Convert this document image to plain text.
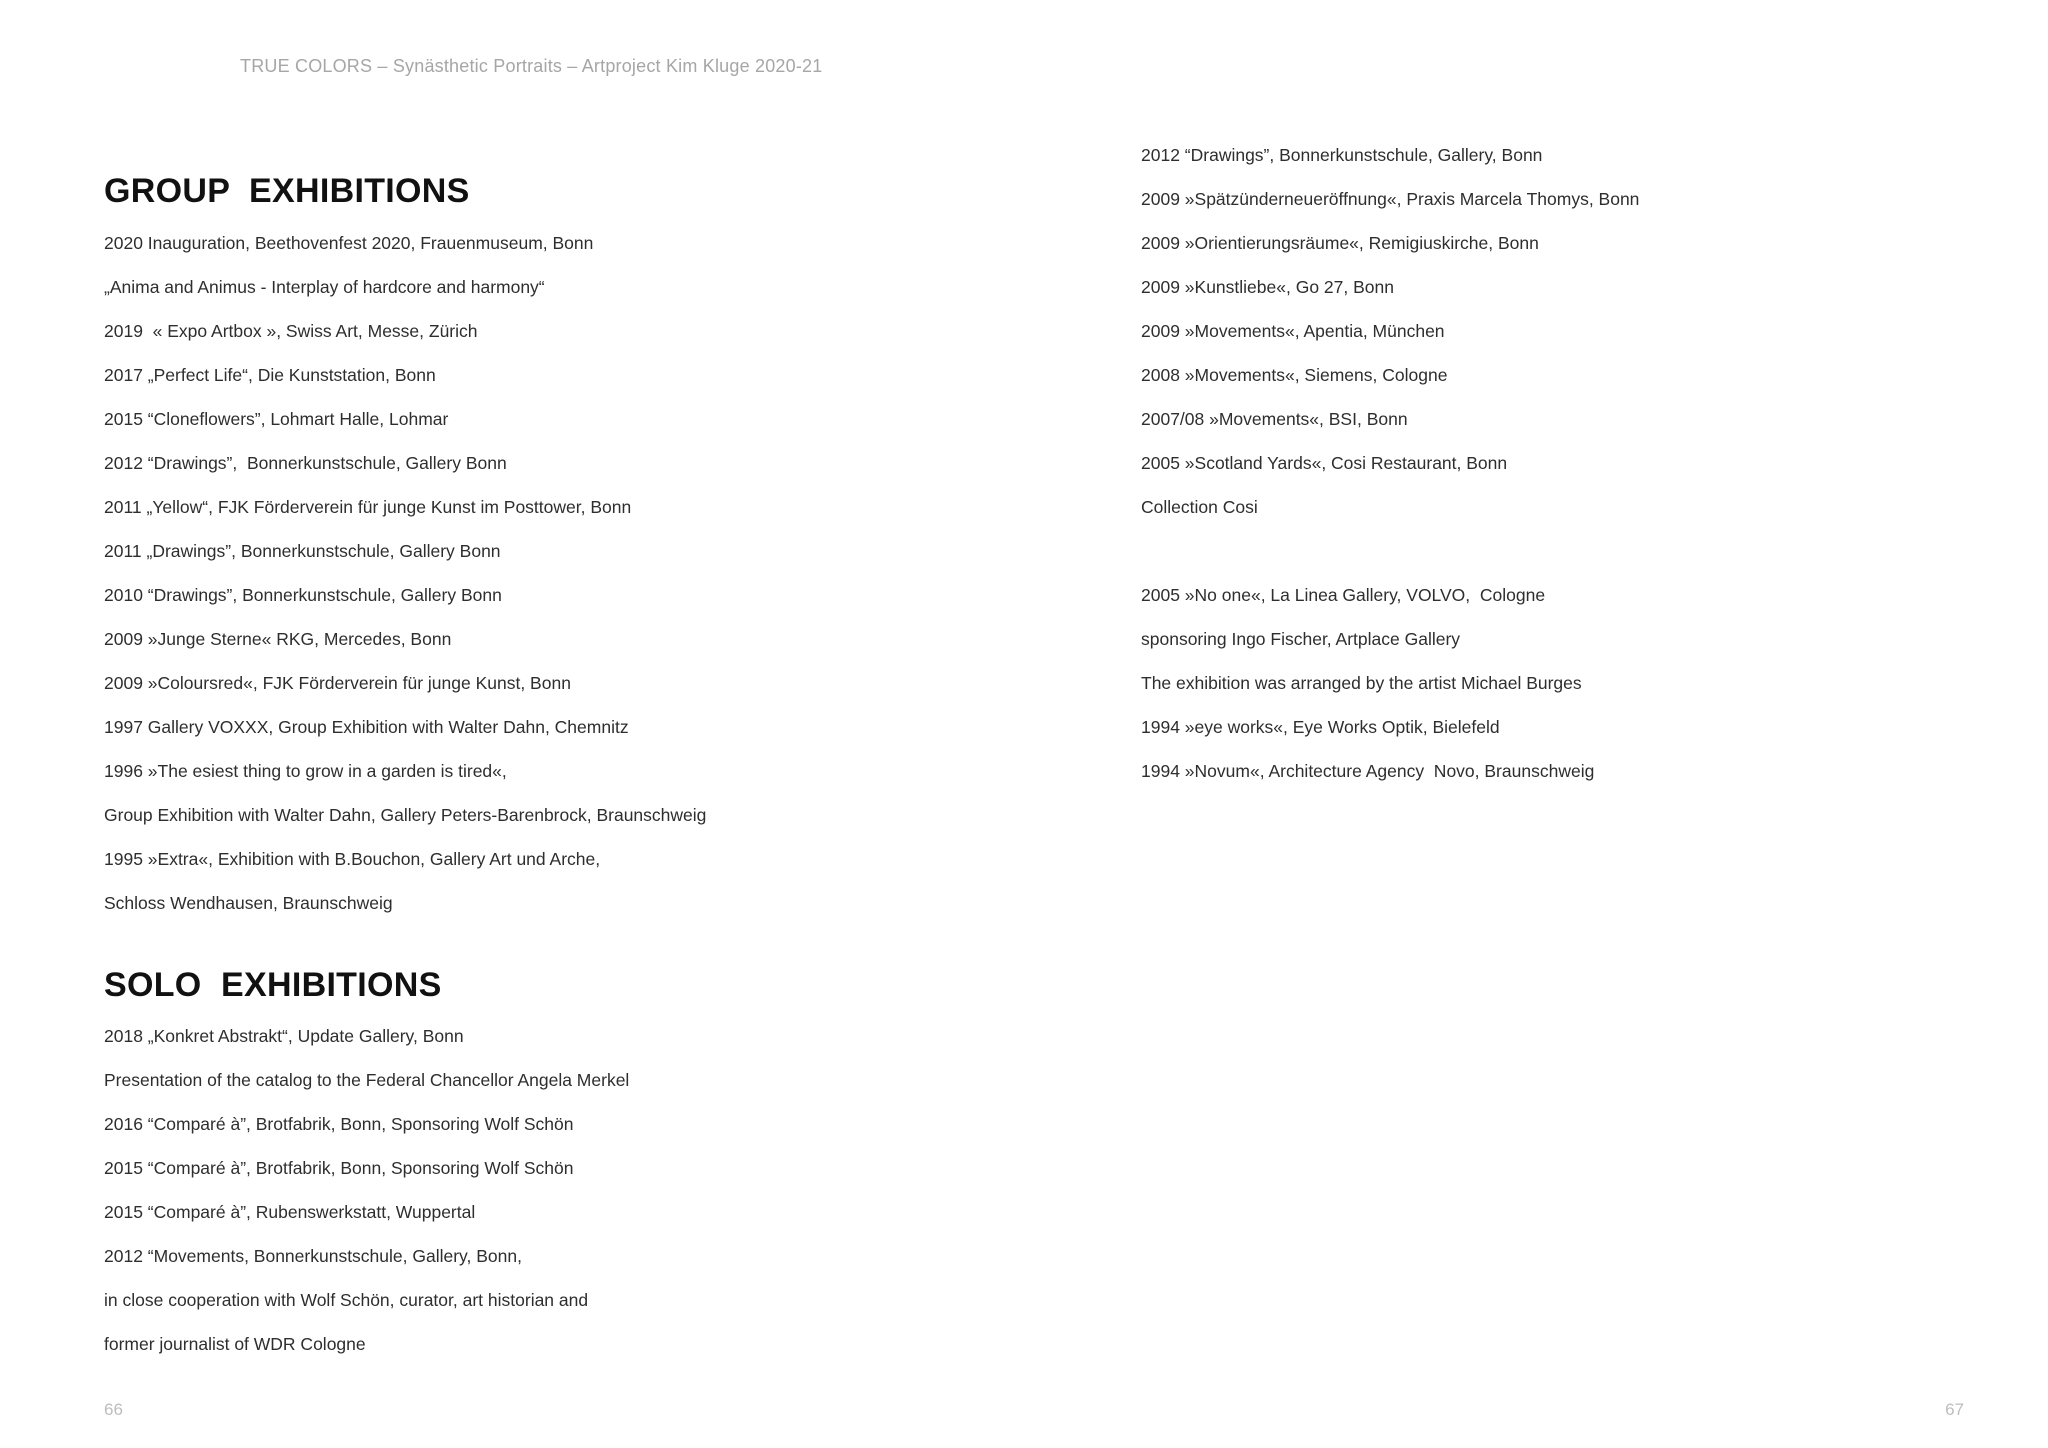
TRUE COLORS – Synästhetic Portraits – Artproject Kim Kluge 2020-21
GROUP  EXHIBITIONS
2020 Inauguration, Beethovenfest 2020, Frauenmuseum, Bonn
„Anima and Animus - Interplay of hardcore and harmony“
2019  « Expo Artbox », Swiss Art, Messe, Zürich
2017 „Perfect Life“, Die Kunststation, Bonn
2015 “Cloneflowers”, Lohmart Halle, Lohmar
2012 “Drawings”,  Bonnerkunstschule, Gallery Bonn
2011 „Yellow“, FJK Förderverein für junge Kunst im Posttower, Bonn
2011 „Drawings”, Bonnerkunstschule, Gallery Bonn
2010 “Drawings”, Bonnerkunstschule, Gallery Bonn
2009 »Junge Sterne« RKG, Mercedes, Bonn
2009 »Coloursred«, FJK Förderverein für junge Kunst, Bonn
1997 Gallery VOXXX, Group Exhibition with Walter Dahn, Chemnitz
1996 »The esiest thing to grow in a garden is tired«,
Group Exhibition with Walter Dahn, Gallery Peters-Barenbrock, Braunschweig
1995 »Extra«, Exhibition with B.Bouchon, Gallery Art und Arche,
Schloss Wendhausen, Braunschweig
SOLO  EXHIBITIONS
2018 „Konkret Abstrakt“, Update Gallery, Bonn
Presentation of the catalog to the Federal Chancellor Angela Merkel
2016 “Comparé à”, Brotfabrik, Bonn, Sponsoring Wolf Schön
2015 “Comparé à”, Brotfabrik, Bonn, Sponsoring Wolf Schön
2015 “Comparé à”, Rubenswerkstatt, Wuppertal
2012 “Movements, Bonnerkunstschule, Gallery, Bonn,
in close cooperation with Wolf Schön, curator, art historian and
former journalist of WDR Cologne
2012 “Drawings”, Bonnerkunstschule, Gallery, Bonn
2009 »Spätzünderneueröffnung«, Praxis Marcela Thomys, Bonn
2009 »Orientierungsräume«, Remigiuskirche, Bonn
2009 »Kunstliebe«, Go 27, Bonn
2009 »Movements«, Apentia, München
2008 »Movements«, Siemens, Cologne
2007/08 »Movements«, BSI, Bonn
2005 »Scotland Yards«, Cosi Restaurant, Bonn
Collection Cosi
2005 »No one«, La Linea Gallery, VOLVO,  Cologne
sponsoring Ingo Fischer, Artplace Gallery
The exhibition was arranged by the artist Michael Burges
1994 »eye works«, Eye Works Optik, Bielefeld
1994 »Novum«, Architecture Agency  Novo, Braunschweig
66	67
